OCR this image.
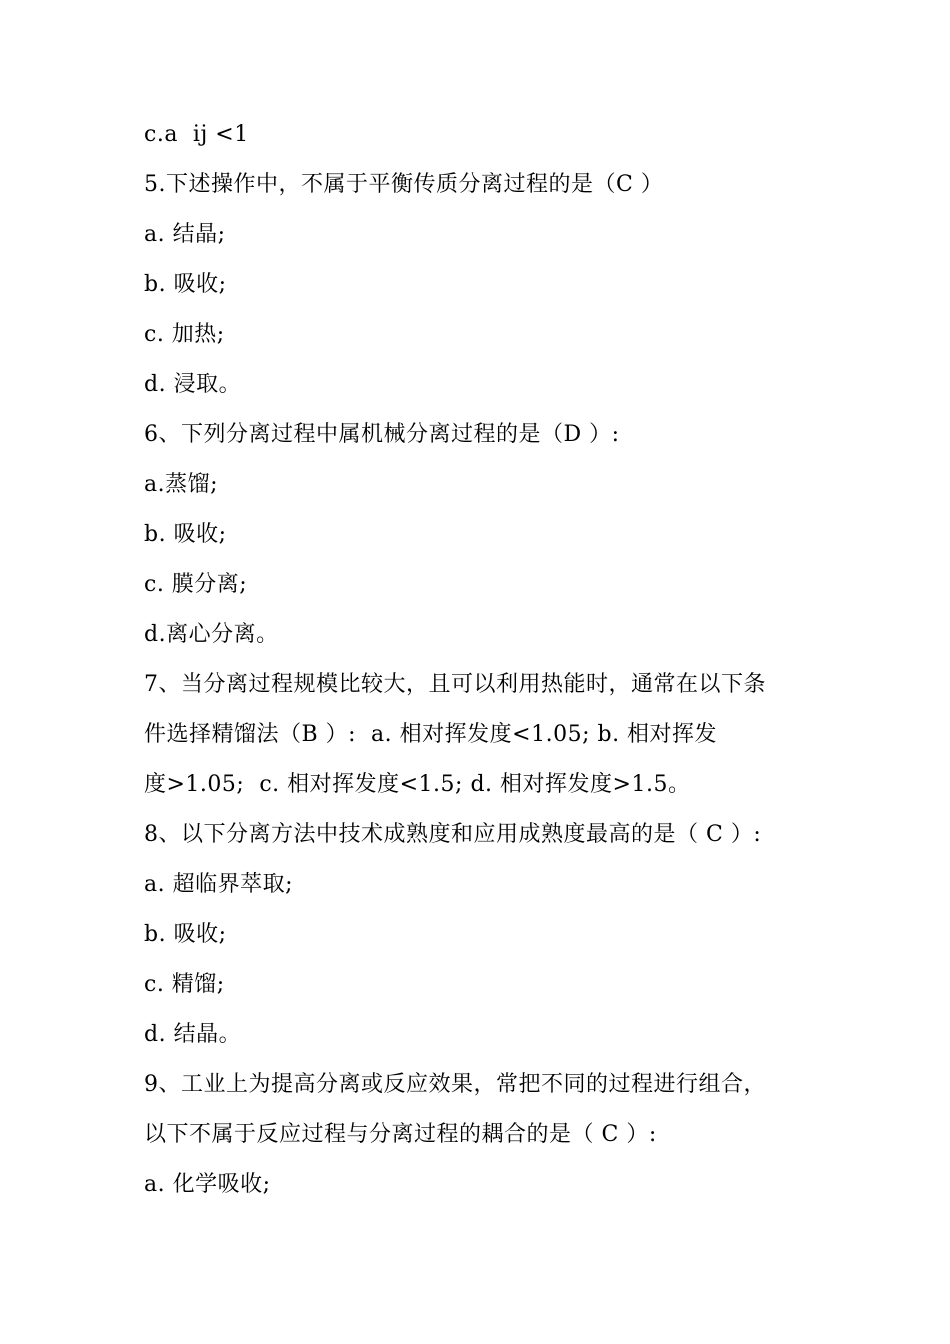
c.a  ij <1
5.下述操作中，不属于平衡传质分离过程的是（C ）
a. 结晶;
b. 吸收;
c. 加热;
d. 浸取。
6、下列分离过程中属机械分离过程的是（D ）:
a.蒸馏;
b. 吸收;
c. 膜分离;
d.离心分离。
7、当分离过程规模比较大，且可以利用热能时，通常在以下条
件选择精馏法（B ）:  a. 相对挥发度<1.05; b. 相对挥发
度>1.05;  c. 相对挥发度<1.5; d. 相对挥发度>1.5。
8、以下分离方法中技术成熟度和应用成熟度最高的是（ C ）:
a. 超临界萃取;
b. 吸收;
c. 精馏;
d. 结晶。
9、工业上为提高分离或反应效果，常把不同的过程进行组合，
以下不属于反应过程与分离过程的耦合的是（ C ）:
a. 化学吸收;
